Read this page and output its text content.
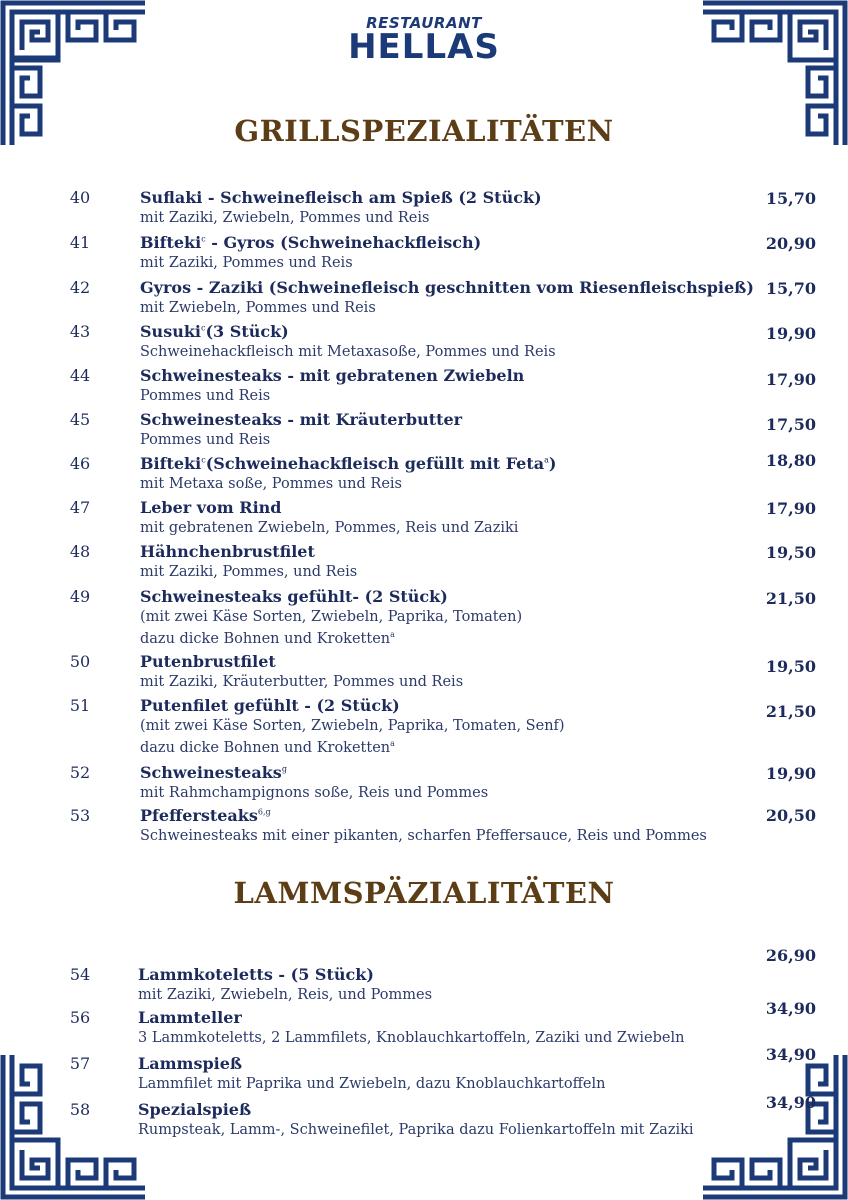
RESTAURANT
HELLAS
GRILLSPEZIALITÄTEN
40	Suflaki - Schweinefleisch am Spieß (2 Stück)
mit Zaziki, Zwiebeln, Pommes und Reis
15,70
41	Bifteki$^c$ - Gyros (Schweinehackfleisch)
mit Zaziki, Pommes und Reis
20,90
42	Gyros - Zaziki (Schweinefleisch geschnitten vom Riesenfleischspieß)
mit Zwiebeln, Pommes und Reis
15,70
43	Susuki$^c$(3 Stück)
Schweinehackfleisch mit Metaxasoße, Pommes und Reis
19,90
44	Schweinesteaks - mit gebratenen Zwiebeln
Pommes und Reis
17,90
45	Schweinesteaks - mit Kräuterbutter
Pommes und Reis
17,50
46	Bifteki$^c$(Schweinehackfleisch gefüllt mit Feta$^a$)
mit Metaxa soße, Pommes und Reis
18,80
47	Leber vom Rind
mit gebratenen Zwiebeln, Pommes, Reis und Zaziki
17,90
48	Hähnchenbrustfilet
mit Zaziki, Pommes, und Reis
19,50
49	Schweinesteaks gefühlt- (2 Stück)
(mit zwei Käse Sorten, Zwiebeln, Paprika, Tomaten)
dazu dicke Bohnen und Kroketten$^a$
21,50
50	Putenbrustfilet
mit Zaziki, Kräuterbutter, Pommes und Reis
19,50
51	Putenfilet gefühlt - (2 Stück)
(mit zwei Käse Sorten, Zwiebeln, Paprika, Tomaten, Senf)
dazu dicke Bohnen und Kroketten$^a$
21,50
52	Schweinesteaks$^g$
mit Rahmchampignons soße, Reis und Pommes
19,90
53	Pfeffersteaks$^{6,g}$
Schweinesteaks mit einer pikanten, scharfen Pfeffersauce, Reis und Pommes
20,50
LAMMSPÄZIALITÄTEN
54	Lammkoteletts - (5 Stück)
mit Zaziki, Zwiebeln, Reis, und Pommes
26,90
56	Lammteller
3 Lammkoteletts, 2 Lammfilets, Knoblauchkartoffeln, Zaziki und Zwiebeln
34,90
57	Lammspieß
Lammfilet mit Paprika und Zwiebeln, dazu Knoblauchkartoffeln
34,90
58	Spezialspieß
Rumpsteak, Lamm-, Schweinefilet, Paprika dazu Folienkartoffeln mit Zaziki
34,90
